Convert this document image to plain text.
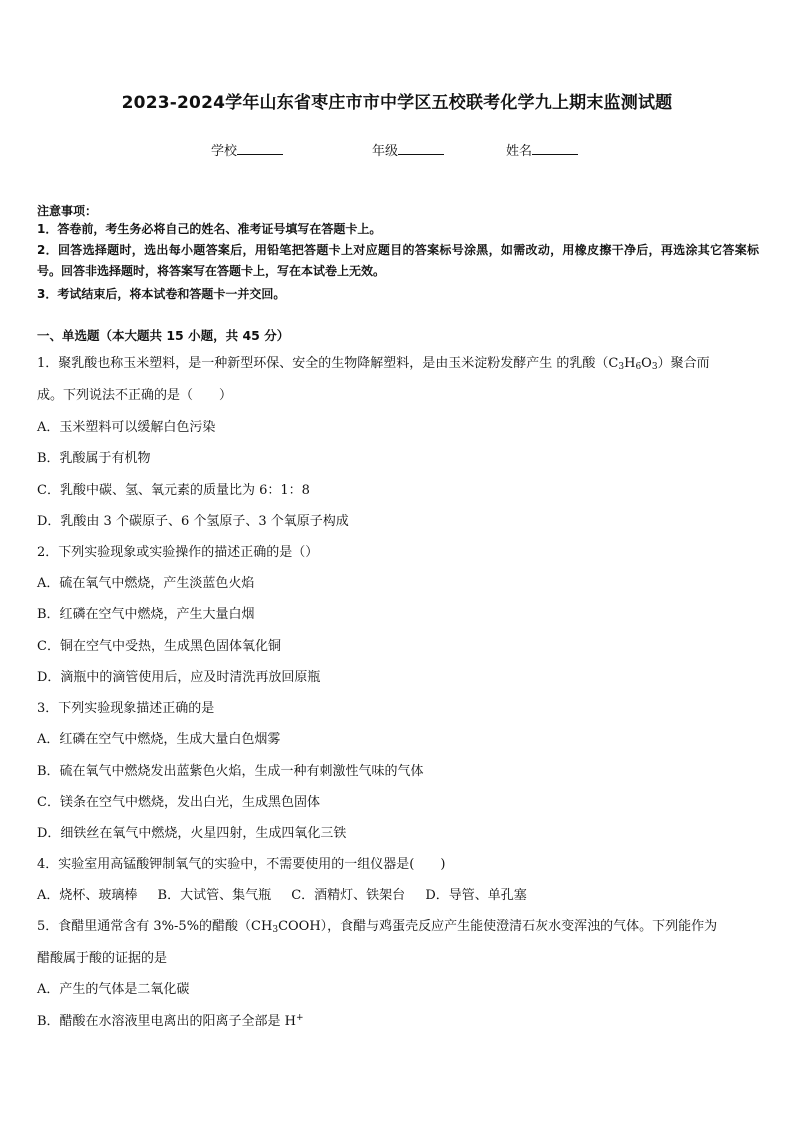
2023-2024学年山东省枣庄市市中学区五校联考化学九上期末监测试题
学校	年级	姓名
注意事项：
1．答卷前，考生务必将自己的姓名、准考证号填写在答题卡上。
2．回答选择题时，选出每小题答案后，用铅笔把答题卡上对应题目的答案标号涂黑，如需改动，用橡皮擦干净后，再选涂其它答案标号。回答非选择题时，将答案写在答题卡上，写在本试卷上无效。
3．考试结束后，将本试卷和答题卡一并交回。
一、单选题（本大题共 15 小题，共 45 分）
1．聚乳酸也称玉米塑料，是一种新型环保、安全的生物降解塑料，是由玉米淀粉发酵产生 的乳酸$(C_3H_6O_3)$聚合而
成。下列说法不正确的是（　　）
A．玉米塑料可以缓解白色污染
B．乳酸属于有机物
C．乳酸中碳、氢、氧元素的质量比为 6：1：8
D．乳酸由 3 个碳原子、6 个氢原子、3 个氧原子构成
2．下列实验现象或实验操作的描述正确的是（）
A．硫在氧气中燃烧，产生淡蓝色火焰
B．红磷在空气中燃烧，产生大量白烟
C．铜在空气中受热，生成黑色固体氧化铜
D．滴瓶中的滴管使用后，应及时清洗再放回原瓶
3．下列实验现象描述正确的是
A．红磷在空气中燃烧，生成大量白色烟雾
B．硫在氧气中燃烧发出蓝紫色火焰，生成一种有刺激性气味的气体
C．镁条在空气中燃烧，发出白光，生成黑色固体
D．细铁丝在氧气中燃烧，火星四射，生成四氧化三铁
4．实验室用高锰酸钾制氧气的实验中，不需要使用的一组仪器是(　　)
A．烧杯、玻璃棒 B．大试管、集气瓶 C．酒精灯、铁架台 D．导管、单孔塞
5．食醋里通常含有 3%-5%的醋酸$(CH_3COOH)$，食醋与鸡蛋壳反应产生能使澄清石灰水变浑浊的气体。下列能作为
醋酸属于酸的证据的是
A．产生的气体是二氧化碳
B．醋酸在水溶液里电离出的阳离子全部是 H+
